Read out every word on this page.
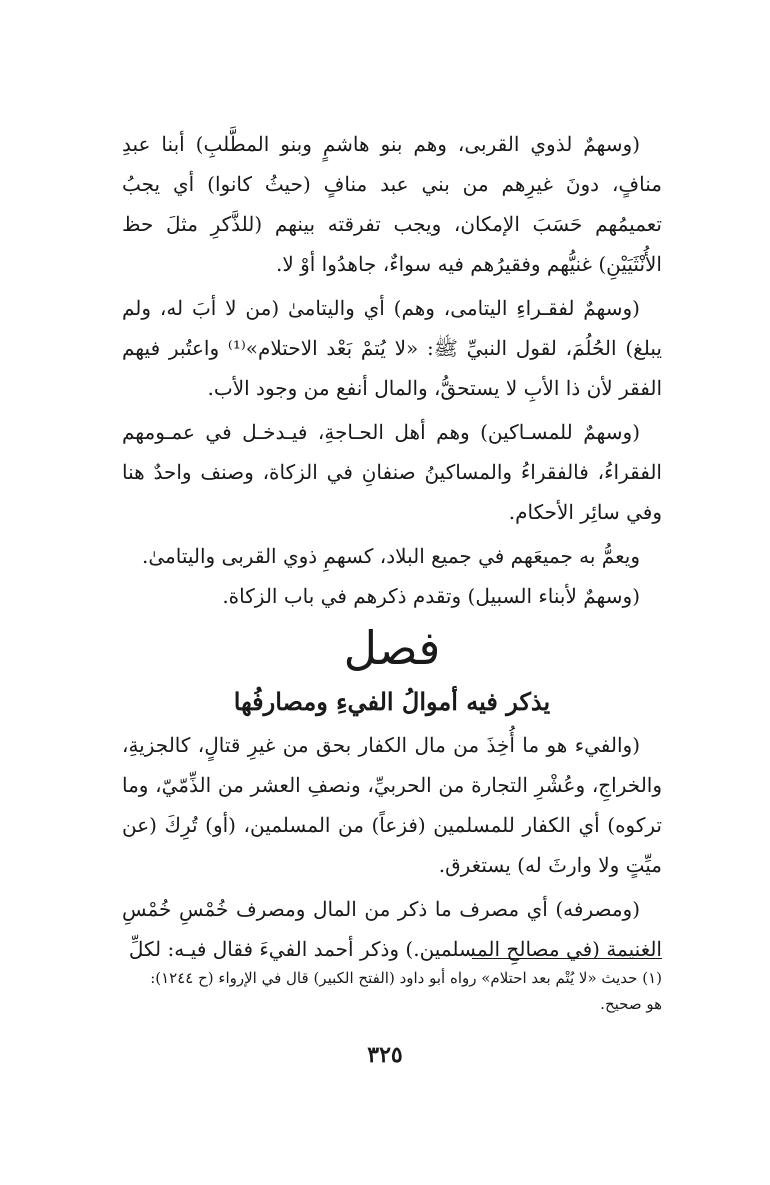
(وسهمٌ لذوي القربى، وهم بنو هاشمٍ وبنو المطَّلبِ) أبنا عبدِ منافٍ، دونَ غيرِهم من بني عبد منافٍ (حيثُ كانوا) أي يجبُ تعميمُهم حَسَبَ الإمكان، ويجب تفرقته بينهم (للذَّكرِ مثلَ حظ الأُنْثَيَيْنِ) غنيُّهم وفقيرُهم فيه سواءٌ، جاهدُوا أوْ لا.

(وسهمٌ لفقـراءِ اليتامى، وهم) أي واليتامىٰ (من لا أبَ له، ولم يبلغ) الحُلُمَ، لقول النبيِّ ﷺ: «لا يُتمْ بَعْد الاحتلام»⁽¹⁾ واعتُبر فيهم الفقر لأن ذا الأبِ لا يستحقُّ، والمال أنفع من وجود الأب.

(وسهمٌ للمسـاكين) وهم أهل الحـاجةِ، فيـدخـل في عمـومهم الفقراءُ، فالفقراءُ والمساكينُ صنفانِ في الزكاة، وصنف واحدٌ هنا وفي سائِر الأحكام.

ويعمُّ به جميعَهم في جميع البلاد، كسهمِ ذوي القربى واليتامىٰ.

(وسهمٌ لأبناء السبيل) وتقدم ذكرهم في باب الزكاة.

فصل
يذكر فيه أموالُ الفيءِ ومصارفُها

(والفيء هو ما أُخِذَ من مال الكفار بحق من غيرِ قتالٍ، كالجزيةِ، والخراجِ، وعُشْرِ التجارة من الحربيِّ، ونصفِ العشر من الذِّمّيّ، وما تركوه) أي الكفار للمسلمين (فزعاً) من المسلمين، (أو) تُرِكَ (عن ميِّتٍ ولا وارثَ له) يستغرق.

(ومصرفه) أي مصرف ما ذكر من المال ومصرف خُمْسِ خُمْسِ الغنيمة (في مصالحِ المسلمين.) وذكر أحمد الفيءَ فقال فيـه: لكلِّ

(١) حديث «لا يُتْم بعد احتلام» رواه أبو داود (الفتح الكبير) قال في الإرواء (ح ١٢٤٤):

هو صحيح.

٣٢٥
